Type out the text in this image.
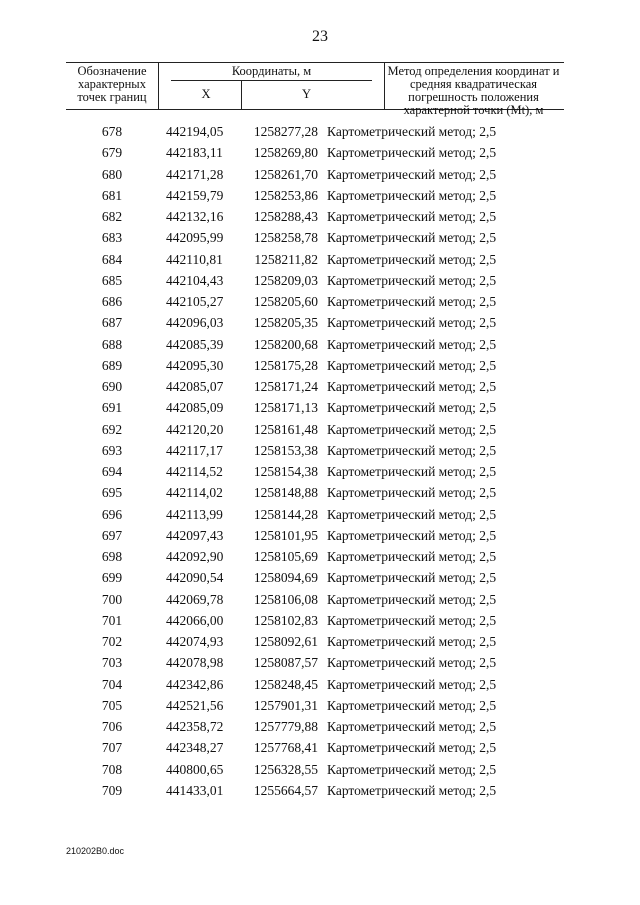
23
Обозначение характерных точек границ
Координаты, м
X	Y
Метод определения координат и средняя квадратическая погрешность положения характерной точки (Mt), м
678	442194,05	1258277,28 Картометрический метод; 2,5
679	442183,11	1258269,80 Картометрический метод; 2,5
680	442171,28	1258261,70 Картометрический метод; 2,5
681	442159,79	1258253,86 Картометрический метод; 2,5
682	442132,16	1258288,43 Картометрический метод; 2,5
683	442095,99	1258258,78 Картометрический метод; 2,5
684	442110,81	1258211,82 Картометрический метод; 2,5
685	442104,43	1258209,03 Картометрический метод; 2,5
686	442105,27	1258205,60 Картометрический метод; 2,5
687	442096,03	1258205,35 Картометрический метод; 2,5
688	442085,39	1258200,68 Картометрический метод; 2,5
689	442095,30	1258175,28 Картометрический метод; 2,5
690	442085,07	1258171,24 Картометрический метод; 2,5
691	442085,09	1258171,13 Картометрический метод; 2,5
692	442120,20	1258161,48 Картометрический метод; 2,5
693	442117,17	1258153,38 Картометрический метод; 2,5
694	442114,52	1258154,38 Картометрический метод; 2,5
695	442114,02	1258148,88 Картометрический метод; 2,5
696	442113,99	1258144,28 Картометрический метод; 2,5
697	442097,43	1258101,95 Картометрический метод; 2,5
698	442092,90	1258105,69 Картометрический метод; 2,5
699	442090,54	1258094,69 Картометрический метод; 2,5
700	442069,78	1258106,08 Картометрический метод; 2,5
701	442066,00	1258102,83 Картометрический метод; 2,5
702	442074,93	1258092,61 Картометрический метод; 2,5
703	442078,98	1258087,57 Картометрический метод; 2,5
704	442342,86	1258248,45 Картометрический метод; 2,5
705	442521,56	1257901,31 Картометрический метод; 2,5
706	442358,72	1257779,88 Картометрический метод; 2,5
707	442348,27	1257768,41 Картометрический метод; 2,5
708	440800,65	1256328,55 Картометрический метод; 2,5
709	441433,01	1255664,57 Картометрический метод; 2,5
210202В0.doc
